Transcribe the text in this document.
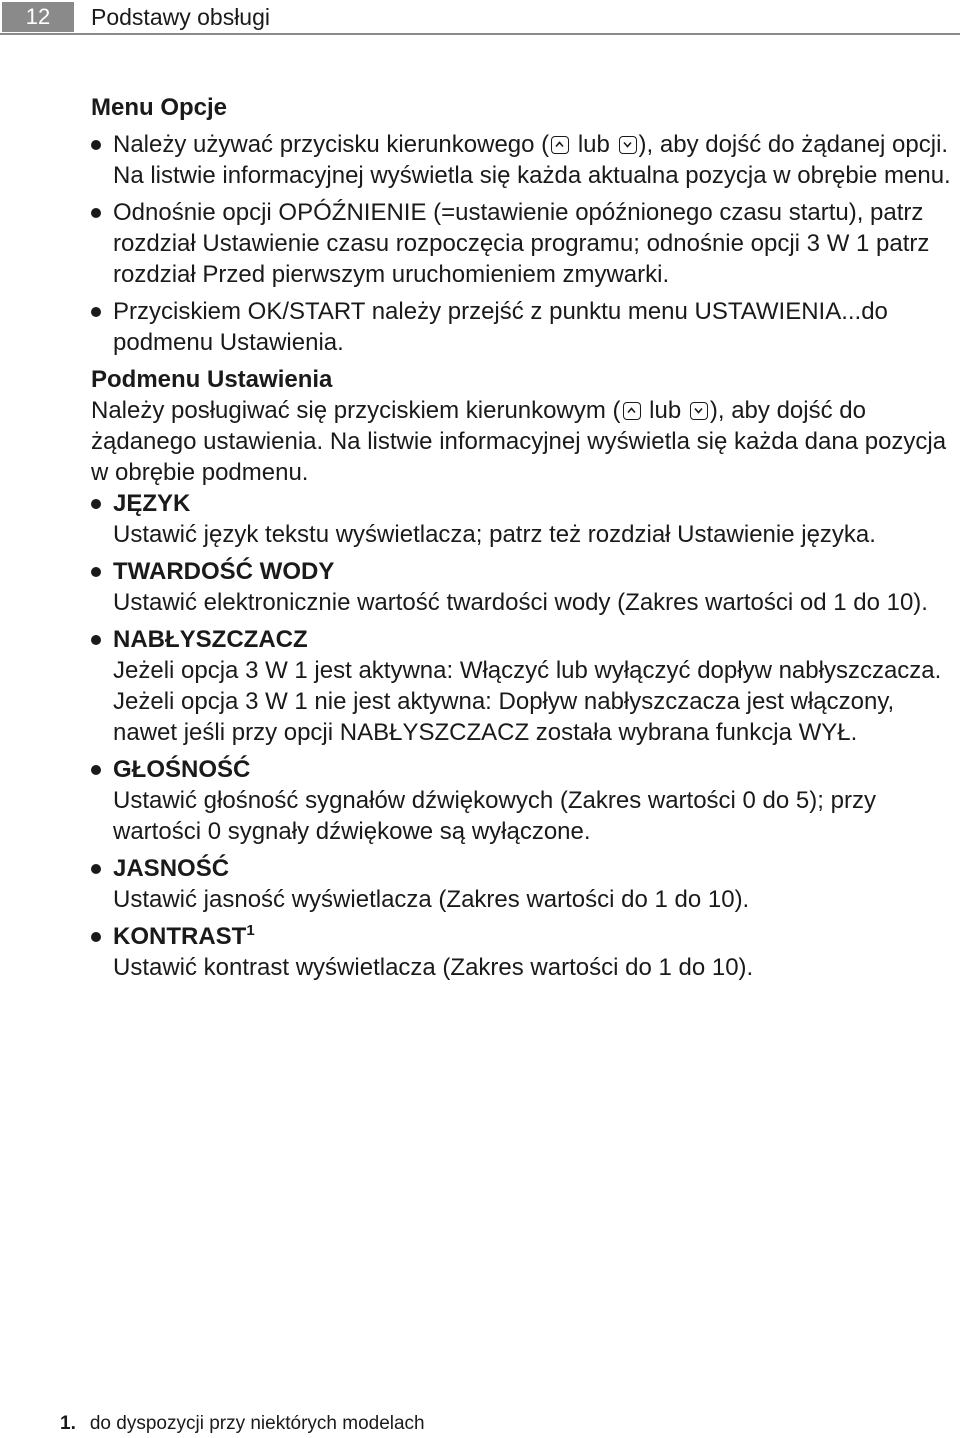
12	Podstawy obsługi
Menu Opcje
Należy używać przycisku kierunkowego (
lub
), aby dojść do żądanej opcji. Na listwie informacyjnej wyświetla się każda aktualna pozycja w obrębie menu.
Odnośnie opcji OPÓŹNIENIE (=ustawienie opóźnionego czasu startu), patrz rozdział Ustawienie czasu rozpoczęcia programu; odnośnie opcji 3 W 1 patrz rozdział Przed pierwszym uruchomieniem zmywarki.
Przyciskiem OK/START należy przejść z punktu menu USTAWIENIA...do podmenu Ustawienia.
Podmenu Ustawienia

Należy posługiwać się przyciskiem kierunkowym (
lub
), aby dojść do żądanego ustawienia. Na listwie informacyjnej wyświetla się każda dana pozycja w obrębie podmenu.

JĘZYK
Ustawić język tekstu wyświetlacza; patrz też rozdział Ustawienie języka.
TWARDOŚĆ WODY
Ustawić elektronicznie wartość twardości wody (Zakres wartości od 1 do 10).
NABŁYSZCZACZ
Jeżeli opcja 3 W 1 jest aktywna: Włączyć lub wyłączyć dopływ nabłyszczacza.
Jeżeli opcja 3 W 1 nie jest aktywna: Dopływ nabłyszczacza jest włączony, nawet jeśli przy opcji NABŁYSZCZACZ została wybrana funkcja WYŁ.
GŁOŚNOŚĆ
Ustawić głośność sygnałów dźwiękowych (Zakres wartości 0 do 5); przy wartości 0 sygnały dźwiękowe są wyłączone.
JASNOŚĆ
Ustawić jasność wyświetlacza (Zakres wartości do 1 do 10).
KONTRAST$^1$
Ustawić kontrast wyświetlacza (Zakres wartości do 1 do 10).
1. do dyspozycji przy niektórych modelach
